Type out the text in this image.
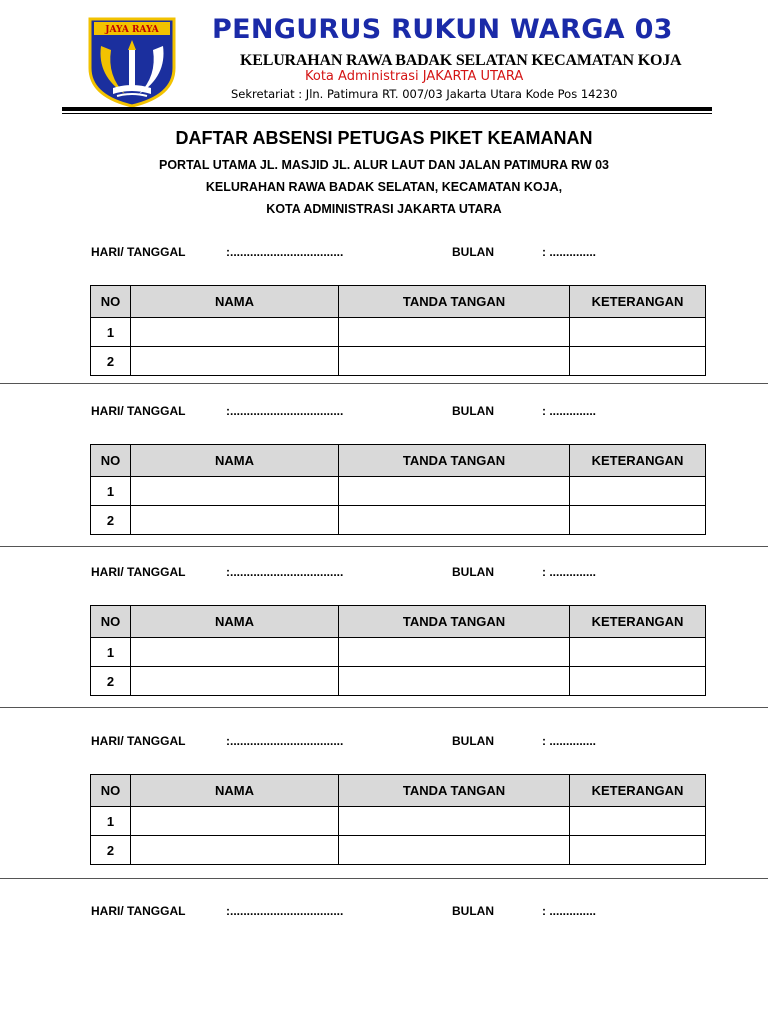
JAYA RAYA PENGURUS RUKUN WARGA 03
KELURAHAN RAWA BADAK SELATAN KECAMATAN KOJA
Kota Administrasi JAKARTA UTARA
Sekretariat : Jln. Patimura RT. 007/03 Jakarta Utara Kode Pos 14230
DAFTAR ABSENSI PETUGAS PIKET KEAMANAN
PORTAL UTAMA JL. MASJID JL. ALUR LAUT DAN JALAN PATIMURA RW 03
KELURAHAN RAWA BADAK SELATAN, KECAMATAN KOJA,
KOTA ADMINISTRASI JAKARTA UTARA
HARI/ TANGGAL	:..................................	BULAN	: ..............
NO	NAMA	TANDA TANGAN	KETERANGAN
1			
2			
HARI/ TANGGAL	:..................................	BULAN	: ..............
NO	NAMA	TANDA TANGAN	KETERANGAN
1			
2			
HARI/ TANGGAL	:..................................	BULAN	: ..............
NO	NAMA	TANDA TANGAN	KETERANGAN
1			
2			
HARI/ TANGGAL	:..................................	BULAN	: ..............
NO	NAMA	TANDA TANGAN	KETERANGAN
1			
2			
HARI/ TANGGAL	:..................................	BULAN	: ..............
